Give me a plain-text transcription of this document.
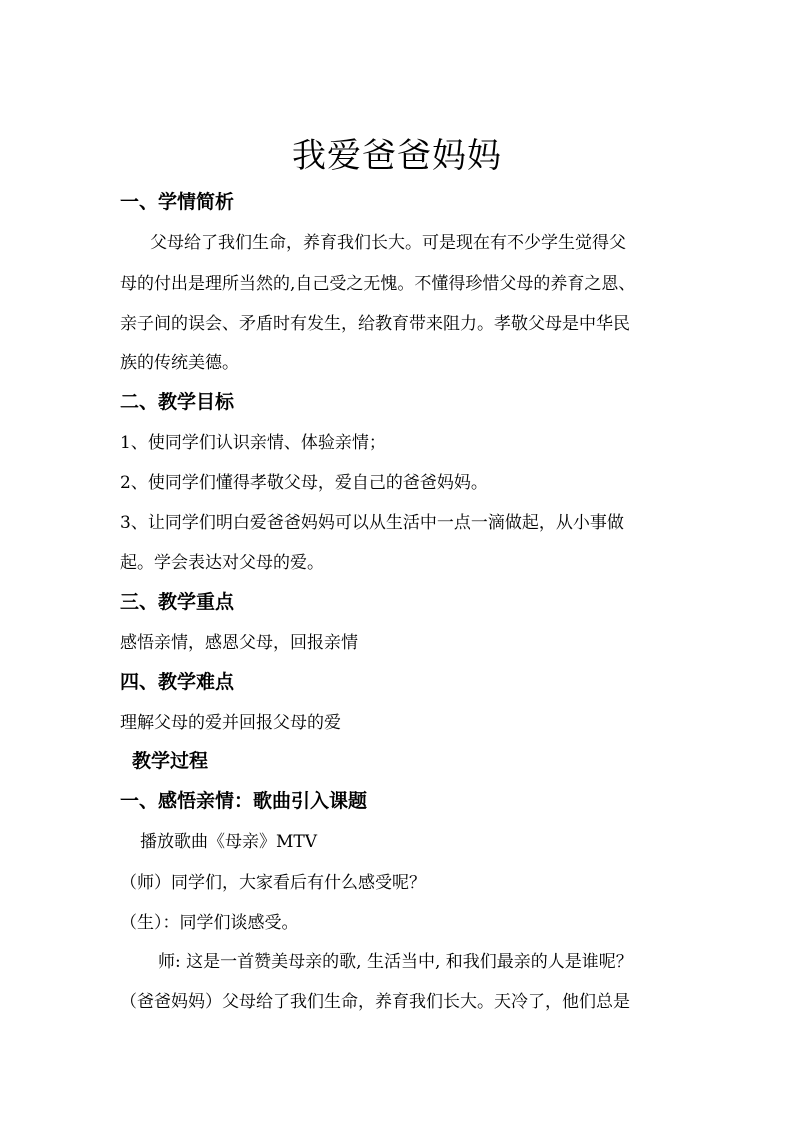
我爱爸爸妈妈
一、学情简析
父母给了我们生命，养育我们长大。可是现在有不少学生觉得父
母的付出是理所当然的,自己受之无愧。不懂得珍惜父母的养育之恩、
亲子间的误会、矛盾时有发生，给教育带来阻力。孝敬父母是中华民
族的传统美德。
二、教学目标
1、使同学们认识亲情、体验亲情；
2、使同学们懂得孝敬父母，爱自己的爸爸妈妈。
3、让同学们明白爱爸爸妈妈可以从生活中一点一滴做起，从小事做
起。学会表达对父母的爱。
三、教学重点
感悟亲情，感恩父母，回报亲情
四、教学难点
理解父母的爱并回报父母的爱
教学过程
一、感悟亲情：歌曲引入课题
播放歌曲《母亲》MTV
（师）同学们，大家看后有什么感受呢？
（生）：同学们谈感受。
师: 这是一首赞美母亲的歌, 生活当中, 和我们最亲的人是谁呢？
（爸爸妈妈）父母给了我们生命，养育我们长大。天冷了，他们总是
